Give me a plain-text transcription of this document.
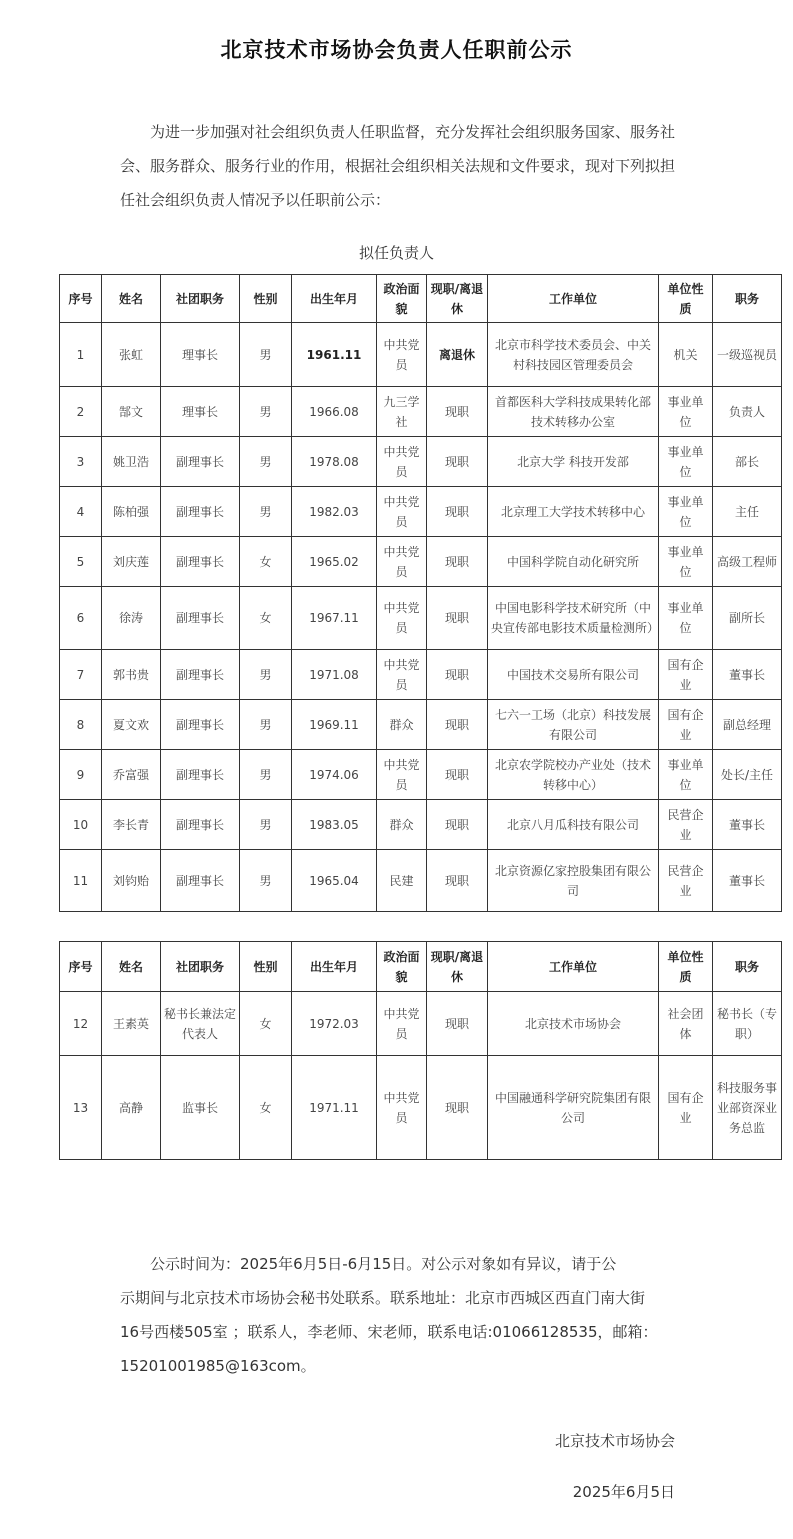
北京技术市场协会负责人任职前公示
为进一步加强对社会组织负责人任职监督，充分发挥社会组织服务国家、服务社会、服务群众、服务行业的作用，根据社会组织相关法规和文件要求，现对下列拟担任社会组织负责人情况予以任职前公示：
拟任负责人
序号	姓名	社团职务	性别	出生年月	政治面貌	现职/离退休	工作单位	单位性质	职务
1	张虹	理事长	男	1961.11	中共党员	离退休	北京市科学技术委员会、中关村科技园区管理委员会	机关	一级巡视员
2	郜文	理事长	男	1966.08	九三学社	现职	首都医科大学科技成果转化部技术转移办公室	事业单位	负责人
3	姚卫浩	副理事长	男	1978.08	中共党员	现职	北京大学 科技开发部	事业单位	部长
4	陈柏强	副理事长	男	1982.03	中共党员	现职	北京理工大学技术转移中心	事业单位	主任
5	刘庆莲	副理事长	女	1965.02	中共党员	现职	中国科学院自动化研究所	事业单位	高级工程师
6	徐涛	副理事长	女	1967.11	中共党员	现职	中国电影科学技术研究所（中央宣传部电影技术质量检测所）	事业单位	副所长
7	郭书贵	副理事长	男	1971.08	中共党员	现职	中国技术交易所有限公司	国有企业	董事长
8	夏文欢	副理事长	男	1969.11	群众	现职	七六一工场（北京）科技发展有限公司	国有企业	副总经理
9	乔富强	副理事长	男	1974.06	中共党员	现职	北京农学院校办产业处（技术转移中心）	事业单位	处长/主任
10	李长青	副理事长	男	1983.05	群众	现职	北京八月瓜科技有限公司	民营企业	董事长
11	刘钧贻	副理事长	男	1965.04	民建	现职	北京资源亿家控股集团有限公司	民营企业	董事长
序号	姓名	社团职务	性别	出生年月	政治面貌	现职/离退休	工作单位	单位性质	职务
12	王素英	秘书长兼法定代表人	女	1972.03	中共党员	现职	北京技术市场协会	社会团体	秘书长（专职）
13	高静	监事长	女	1971.11	中共党员	现职	中国融通科学研究院集团有限公司	国有企业	科技服务事业部资深业务总监

公示时间为：2025年6月5日-6月15日。对公示对象如有异议，请于公

示期间与北京技术市场协会秘书处联系。联系地址：北京市西城区西直门南大街

16号西楼505室 ；联系人，李老师、宋老师，联系电话:01066128535，邮箱：

15201001985@163com。

北京技术市场协会
2025年6月5日
